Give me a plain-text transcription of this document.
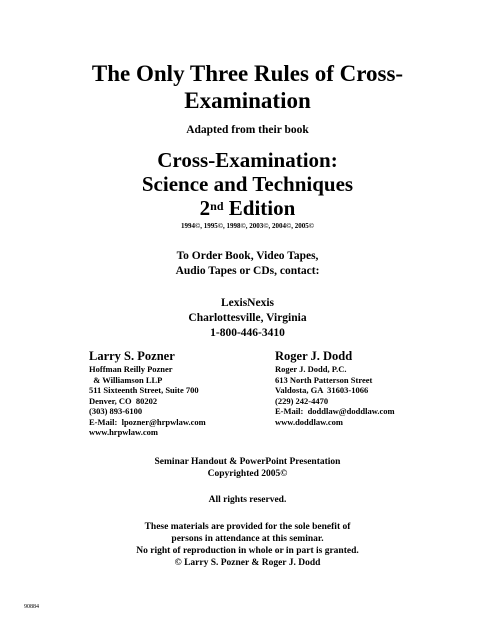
The Only Three Rules of Cross-
Examination
Adapted from their book
Cross-Examination:
Science and Techniques
2nd Edition
1994©, 1995©, 1998©, 2003©, 2004©, 2005©
To Order Book, Video Tapes,
Audio Tapes or CDs, contact:
LexisNexis
Charlottesville, Virginia
1-800-446-3410
Larry S. Pozner
Hoffman Reilly Pozner
& Williamson LLP
511 Sixteenth Street, Suite 700
Denver, CO  80202
(303) 893-6100
E-Mail:  lpozner@hrpwlaw.com
www.hrpwlaw.com
Roger J. Dodd
Roger J. Dodd, P.C.
613 North Patterson Street
Valdosta, GA  31603-1066
(229) 242-4470
E-Mail:  doddlaw@doddlaw.com
www.doddlaw.com
Seminar Handout & PowerPoint Presentation
Copyrighted 2005©
All rights reserved.
These materials are provided for the sole benefit of
persons in attendance at this seminar.
No right of reproduction in whole or in part is granted.
© Larry S. Pozner & Roger J. Dodd
90884
